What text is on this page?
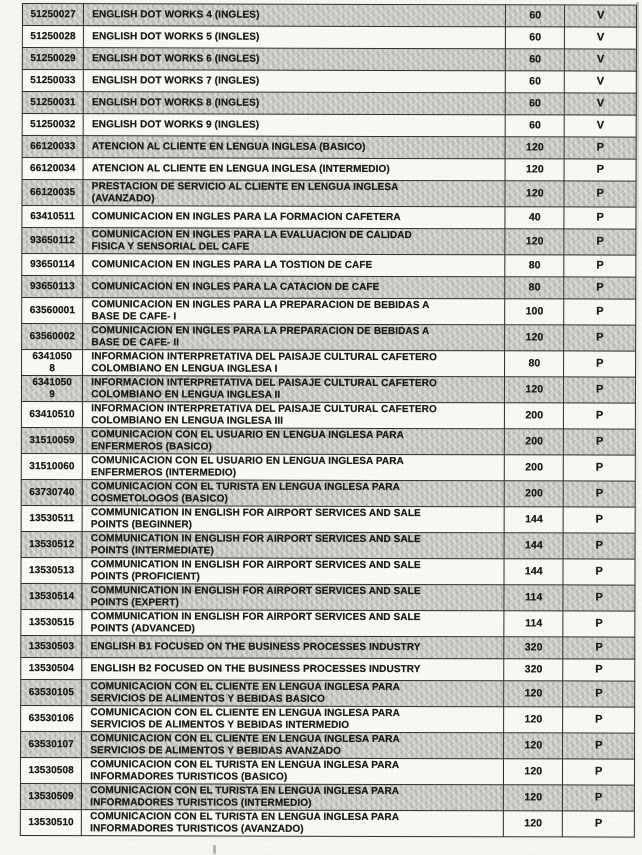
51250027	ENGLISH DOT WORKS 4 (INGLES)	60	V
51250028	ENGLISH DOT WORKS 5 (INGLES)	60	V
51250029	ENGLISH DOT WORKS 6 (INGLES)	60	V
51250033	ENGLISH DOT WORKS 7 (INGLES)	60	V
51250031	ENGLISH DOT WORKS 8 (INGLES)	60	V
51250032	ENGLISH DOT WORKS 9 (INGLES)	60	V
66120033	ATENCION AL CLIENTE EN LENGUA INGLESA (BASICO)	120	P
66120034	ATENCION AL CLIENTE EN LENGUA INGLESA (INTERMEDIO)	120	P
66120035	PRESTACION DE SERVICIO AL CLIENTE EN LENGUA INGLESA
(AVANZADO)	120	P
63410511	COMUNICACION EN INGLES PARA LA FORMACION CAFETERA	40	P
93650112	COMUNICACION EN INGLES PARA LA EVALUACION DE CALIDAD
FISICA Y SENSORIAL DEL CAFE	120	P
93650114	COMUNICACION EN INGLES PARA LA TOSTION DE CAFE	80	P
93650113	COMUNICACION EN INGLES PARA LA CATACION DE CAFE	80	P
63560001	COMUNICACION EN INGLES PARA LA PREPARACION DE BEBIDAS A
BASE DE CAFE- I	100	P
63560002	COMUNICACION EN INGLES PARA LA PREPARACION DE BEBIDAS A
BASE DE CAFE- II	120	P
6341050
8	INFORMACION INTERPRETATIVA DEL PAISAJE CULTURAL CAFETERO
COLOMBIANO EN LENGUA INGLESA I	80	P
6341050
9	INFORMACION INTERPRETATIVA DEL PAISAJE CULTURAL CAFETERO
COLOMBIANO EN LENGUA INGLESA II	120	P
63410510	INFORMACION INTERPRETATIVA DEL PAISAJE CULTURAL CAFETERO
COLOMBIANO EN LENGUA INGLESA III	200	P
31510059	COMUNICACION CON EL USUARIO EN LENGUA INGLESA PARA
ENFERMEROS (BASICO)	200	P
31510060	COMUNICACION CON EL USUARIO EN LENGUA INGLESA PARA
ENFERMEROS (INTERMEDIO)	200	P
63730740	COMUNICACION CON EL TURISTA EN LENGUA INGLESA PARA
COSMETOLOGOS (BASICO)	200	P
13530511	COMMUNICATION IN ENGLISH FOR AIRPORT SERVICES AND SALE
POINTS (BEGINNER)	144	P
13530512	COMMUNICATION IN ENGLISH FOR AIRPORT SERVICES AND SALE
POINTS (INTERMEDIATE)	144	P
13530513	COMMUNICATION IN ENGLISH FOR AIRPORT SERVICES AND SALE
POINTS (PROFICIENT)	144	P
13530514	COMMUNICATION IN ENGLISH FOR AIRPORT SERVICES AND SALE
POINTS (EXPERT)	114	P
13530515	COMMUNICATION IN ENGLISH FOR AIRPORT SERVICES AND SALE
POINTS (ADVANCED)	114	P
13530503	ENGLISH B1 FOCUSED ON THE BUSINESS PROCESSES INDUSTRY	320	P
13530504	ENGLISH B2 FOCUSED ON THE BUSINESS PROCESSES INDUSTRY	320	P
63530105	COMUNICACION CON EL CLIENTE EN LENGUA INGLESA PARA
SERVICIOS DE ALIMENTOS Y BEBIDAS BASICO	120	P
63530106	COMUNICACION CON EL CLIENTE EN LENGUA INGLESA PARA
SERVICIOS DE ALIMENTOS Y BEBIDAS INTERMEDIO	120	P
63530107	COMUNICACION CON EL CLIENTE EN LENGUA INGLESA PARA
SERVICIOS DE ALIMENTOS Y BEBIDAS AVANZADO	120	P
13530508	COMUNICACION CON EL TURISTA EN LENGUA INGLESA PARA
INFORMADORES TURISTICOS (BASICO)	120	P
13530509	COMUNICACION CON EL TURISTA EN LENGUA INGLESA PARA
INFORMADORES TURISTICOS (INTERMEDIO)	120	P
13530510	COMUNICACION CON EL TURISTA EN LENGUA INGLESA PARA
INFORMADORES TURISTICOS (AVANZADO)	120	P
